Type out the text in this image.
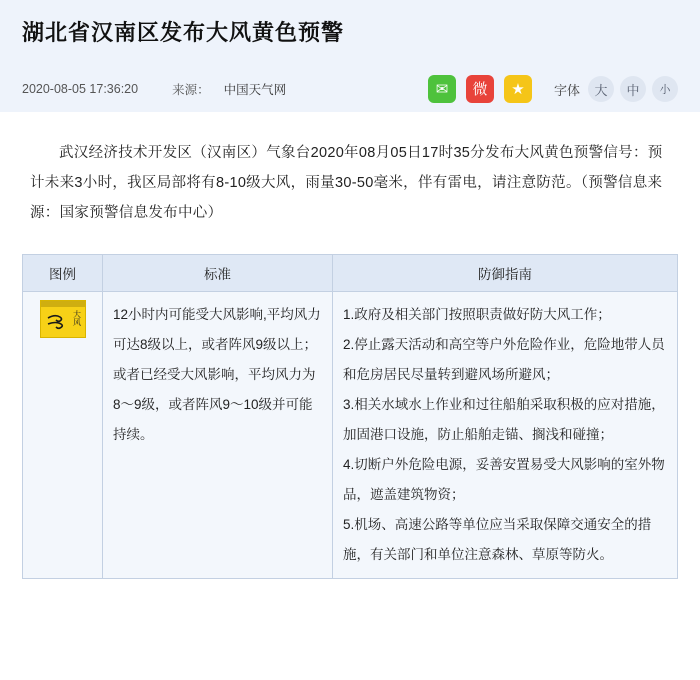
湖北省汉南区发布大风黄色预警
2020-08-05 17:36:20	来源： 中国天气网	✉	微	★	字体	大	中	小

武汉经济技术开发区（汉南区）气象台2020年08月05日17时35分发布大风黄色预警信号：预计未来3小时，我区局部将有8-10级大风，雨量30-50毫米，伴有雷电，请注意防范。（预警信息来源：国家预警信息发布中心）

图例	标准	防御指南

大风	12小时内可能受大风影响,平均风力可达8级以上，或者阵风9级以上；或者已经受大风影响，平均风力为8～9级，或者阵风9～10级并可能持续。	1.政府及相关部门按照职责做好防大风工作；

2.停止露天活动和高空等户外危险作业，危险地带人员和危房居民尽量转到避风场所避风；

3.相关水域水上作业和过往船舶采取积极的应对措施，加固港口设施，防止船舶走锚、搁浅和碰撞；

4.切断户外危险电源，妥善安置易受大风影响的室外物品，遮盖建筑物资；

5.机场、高速公路等单位应当采取保障交通安全的措施，有关部门和单位注意森林、草原等防火。
